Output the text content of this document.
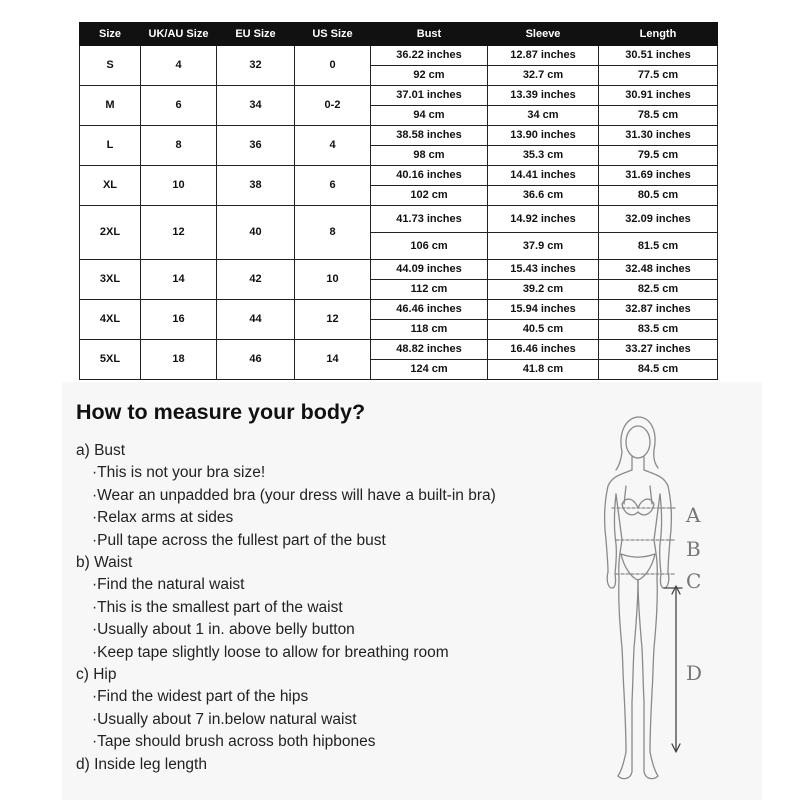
Size	UK/AU Size	EU Size	US Size	Bust	Sleeve	Length
S	4	32	0	36.22 inches	12.87 inches	30.51 inches
				92 cm	32.7 cm	77.5 cm
M	6	34	0-2	37.01 inches	13.39 inches	30.91 inches
				94 cm	34 cm	78.5 cm
L	8	36	4	38.58 inches	13.90 inches	31.30 inches
				98 cm	35.3 cm	79.5 cm
XL	10	38	6	40.16 inches	14.41 inches	31.69 inches
				102 cm	36.6 cm	80.5 cm
2XL	12	40	8	41.73 inches	14.92 inches	32.09 inches
				106 cm	37.9 cm	81.5 cm
3XL	14	42	10	44.09 inches	15.43 inches	32.48 inches
				112 cm	39.2 cm	82.5 cm
4XL	16	44	12	46.46 inches	15.94 inches	32.87 inches
				118 cm	40.5 cm	83.5 cm
5XL	18	46	14	48.82 inches	16.46 inches	33.27 inches
				124 cm	41.8 cm	84.5 cm
How to measure your body?
a) Bust
·This is not your bra size!
·Wear an unpadded bra (your dress will have a built-in bra)
·Relax arms at sides
·Pull tape across the fullest part of the bust
b) Waist
·Find the natural waist
·This is the smallest part of the waist
·Usually about 1 in. above belly button
·Keep tape slightly loose to allow for breathing room
c) Hip
·Find the widest part of the hips
·Usually about 7 in.below natural waist
·Tape should brush across both hipbones
d) Inside leg length
A
B
C
D
